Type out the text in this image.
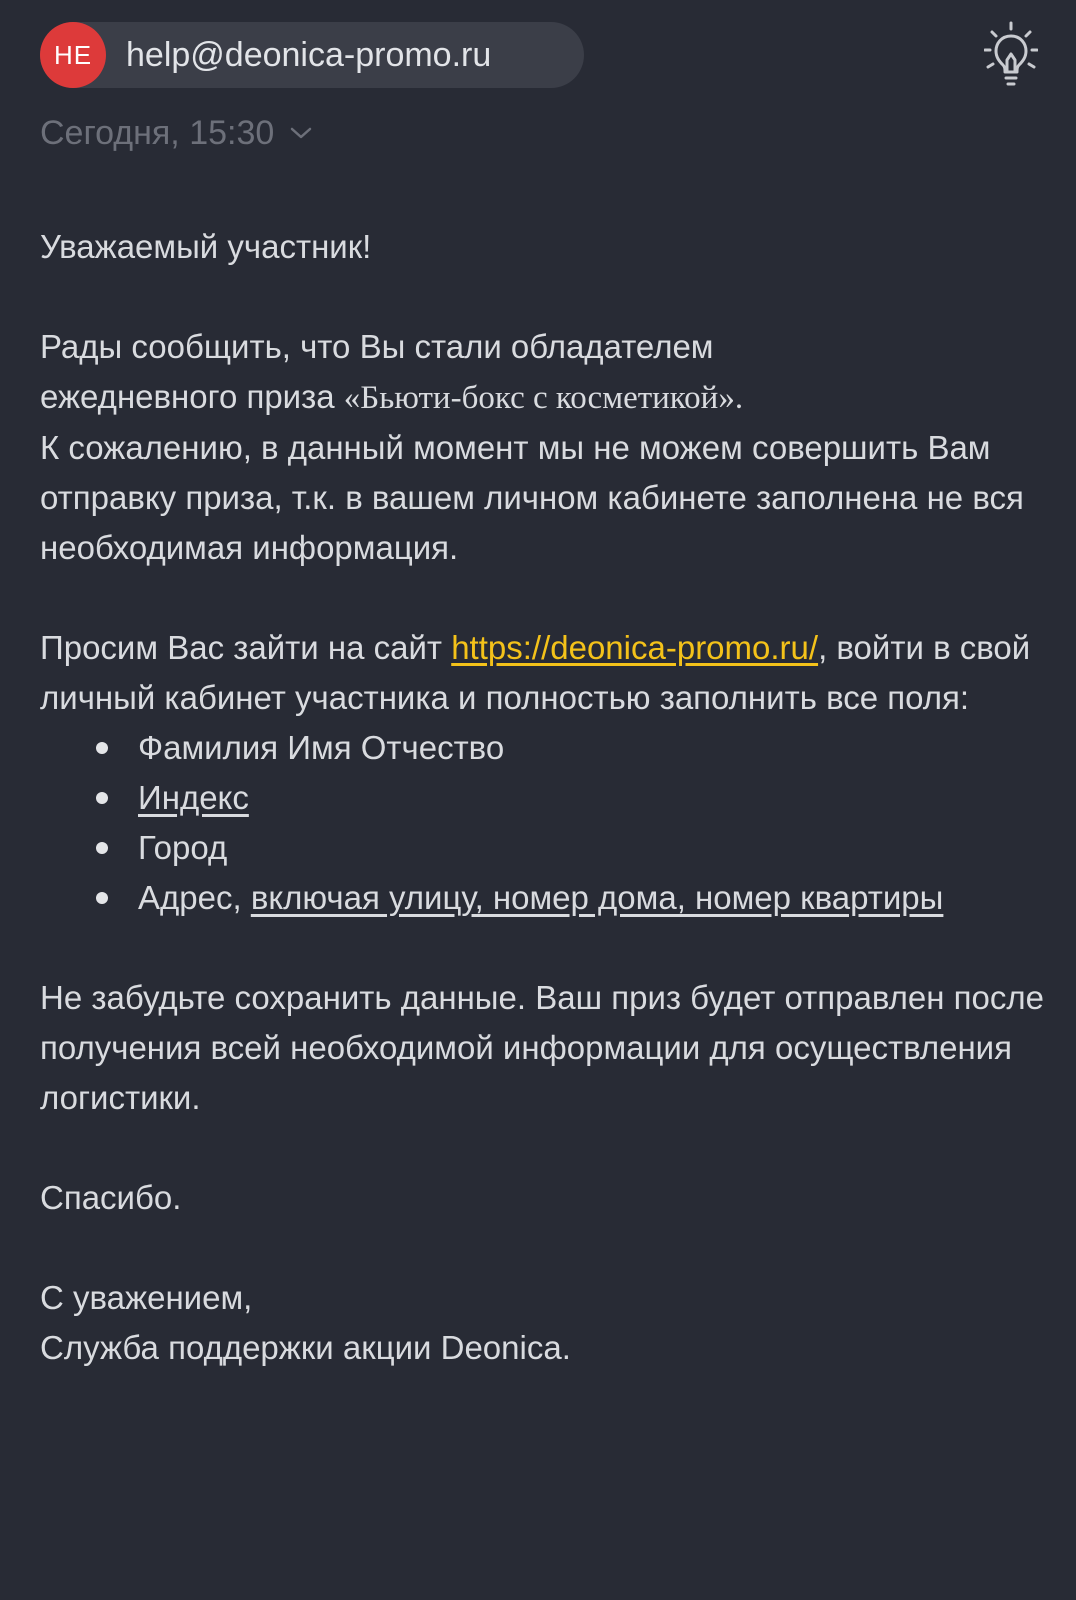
HE help@deonica-promo.ru
Сегодня, 15:30

Уважаемый участник!

Рады сообщить, что Вы стали обладателем
ежедневного приза «Бьюти-бокс с косметикой».
К сожалению, в данный момент мы не можем совершить Вам отправку приза, т.к. в вашем личном кабинете заполнена не вся необходимая информация.

Просим Вас зайти на сайт https://deonica-promo.ru/, войти в свой личный кабинет участника и полностью заполнить все поля:

Фамилия Имя Отчество
Индекс
Город
Адрес, включая улицу, номер дома, номер квартиры

Не забудьте сохранить данные. Ваш приз будет отправлен после получения всей необходимой информации для осуществления логистики.

Спасибо.

С уважением,

Служба поддержки акции Deonica.
